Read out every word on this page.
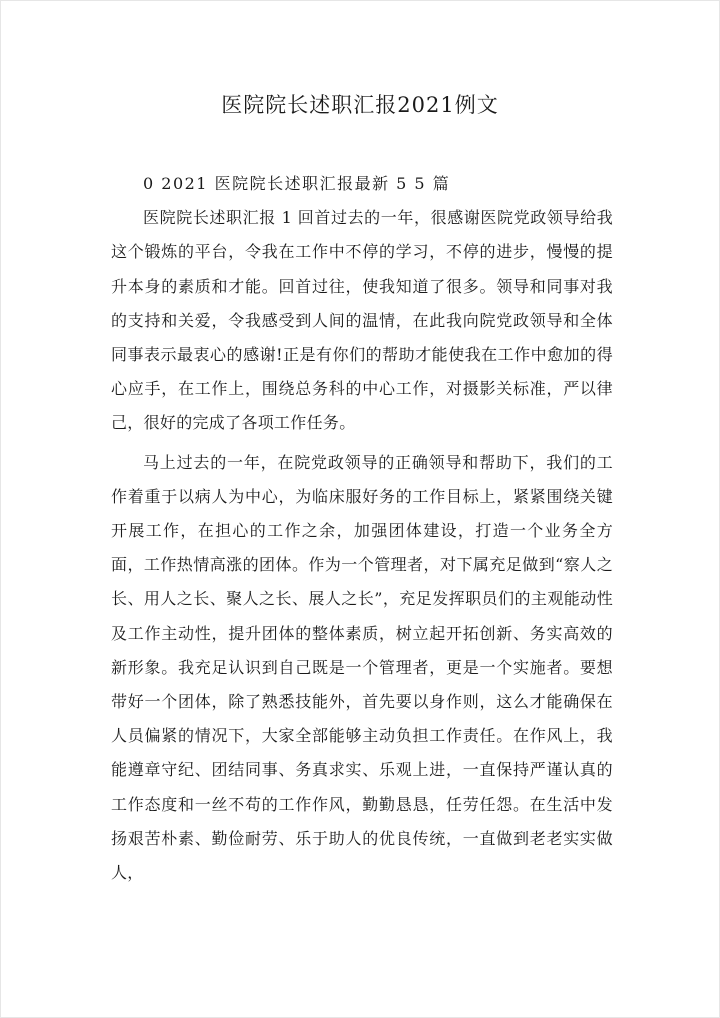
医院院长述职汇报2021例文

0 2021 医院院长述职汇报最新 5 5 篇

医院院长述职汇报 1 回首过去的一年，很感谢医院党政领导给我这个锻炼的平台，令我在工作中不停的学习，不停的进步，慢慢的提升本身的素质和才能。回首过往，使我知道了很多。领导和同事对我的支持和关爱，令我感受到人间的温情，在此我向院党政领导和全体同事表示最衷心的感谢!正是有你们的帮助才能使我在工作中愈加的得心应手，在工作上，围绕总务科的中心工作，对摄影关标准，严以律己，很好的完成了各项工作任务。

马上过去的一年，在院党政领导的正确领导和帮助下，我们的工作着重于以病人为中心，为临床服好务的工作目标上，紧紧围绕关键开展工作，在担心的工作之余，加强团体建设，打造一个业务全方面，工作热情高涨的团体。作为一个管理者，对下属充足做到“察人之长、用人之长、聚人之长、展人之长”，充足发挥职员们的主观能动性及工作主动性，提升团体的整体素质，树立起开拓创新、务实高效的新形象。我充足认识到自己既是一个管理者，更是一个实施者。要想带好一个团体，除了熟悉技能外，首先要以身作则，这么才能确保在人员偏紧的情况下，大家全部能够主动负担工作责任。在作风上，我能遵章守纪、团结同事、务真求实、乐观上进，一直保持严谨认真的工作态度和一丝不苟的工作作风，勤勤恳恳，任劳任怨。在生活中发扬艰苦朴素、勤俭耐劳、乐于助人的优良传统，一直做到老老实实做人，
